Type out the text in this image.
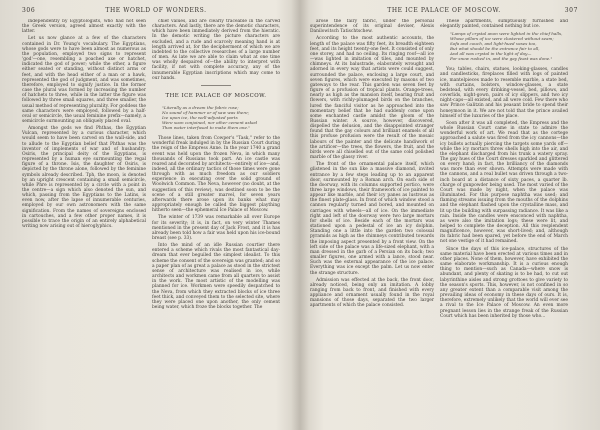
306	THE WORLD OF WONDERS.

independently by Egyptologists, who had not seen the Greek version, agreed almost exactly with the latter.

Let us now glance at a few of the characters contained in Dr. Young's vocabulary. The Egyptians, whose gods were to have been almost as numerous as the population, employed two signs to represent 'god'—one, resembling a poached axe or hatchet, indicated the god of power; while the other, a figure either seated or standing, without distinct arms or feet, and with the head either of a man or a hawk, represented the god of judgment, and was sometimes, therefore, employed to signify justice. In the former case the plural was formed by increasing the number of hatchets to three, while in the latter the figure was followed by three small squares, and three smaller, the usual method of representing plurality. For goddess the same characters were employed, followed by a half-oval or semicircle, the usual feminine prefix—namely, a semicircle surmounting an obliquely placed oval.

Amongst the gods we find Phthas, the Egyptian Vulcan, represented by a curious character, which would seem to have been carved on the wall-side, and to allude to the Egyptian belief that Phthas was the inventor of implements of war and of husbandry. Osiris, the principal deity of the Egyptians, is represented by a human eye surmounting the regal figure of a throne. Isis, the daughter of Osiris, is depicted by the throne alone, followed by the feminine symbols already described. Tph, the moon, is denoted by an upright crescent containing a small semicircle, while Phre is represented by a circle with a point in the centre—a sign which also denoted the sun, and which, passing from the Egyptians to the Latins, is even now, after the lapse of innumerable centuries, employed by our own astronomers with the same signification. From the names of sovereigns enclosed in cartouches, and a few other proper names, it is possible to trace the origin of an entirely alphabetical writing now arising out of hieroglyphics.

chief values, and are clearly traceable in the carved characters. And lastly, there are the demotic characters, which have been immediately derived from the hieratic. In the demotic writing the picture characters are excluded, and a rude and scarcely meaning hand is at length arrived at, for the decipherment of which we are indebted to the collective researches of a large number of men. As late we are able to claim what at one time was wholly despaired of—the ability to interpret with facility, if not with complete accuracy, any of the innumerable Egyptian inscriptions which may come to our hands.

THE ICE PALACE OF MOSCOW.
"Literally as a dream the fabric rose;
No sound of hammer or of saw was there;
Ice upon ice, the well-adjusted parts
Were soon conjoined, nor other cement asked
Than water interfused to make them one."

Those lines, taken from Cowper's "Task," refer to the wonderful freak indulged in by the Russian Court during the reign of the Empress Anne. In the year 1740 a grand event was held upon the frozen Neva, in which many thousands of Russians took part. An ice castle was reared and decorated by architects—entirely of ice—and, indeed, all the ordinary tactics of those times were gone through with as much freedom as our soldiers experience in executing over the solid ground of Woolwich Common. The Neva, however (no doubt, at the suggestion of this review), was destined soon to be the scene of a still greater marvel, for seven years afterwards there arose upon its banks what may appropriately enough be called the biggest plaything hitherto seen—the ephemeral Ice Palace of Moscow.

The winter of 1739 was remarkable all over Europe for its severity; it is, in fact, on very winter Thames mentioned in the present day of Jack Frost, and it is has already been told how a fair was held upon his ice-bound breast (see p. 33).

Into the mind of an idle Russian courtier there entered a scheme which rivals the most fantastical day-dream that ever beguiled the simplest idealist. To this scheme the consent of the sovereign was granted; and so a paper plan of as great a palace as stood in the strictest sense of architecture was realised in ice, while architects and workmen came from all quarters to assist in the work. The most artistic of the modelling was planned for ice. Workmen were speedily despatched to the Neva, from which they extracted blocks of ice three feet thick, and conveyed them to the selected site, where they were placed one upon another, the only cement being water, which froze the blocks together. The

THE ICE PALACE OF MOSCOW.	307

arose the fairy fabric, under the personal superintendence of its original deviser, Alexis Danilowitsch Tatischtschew.

According to the most authentic accounts, the length of the palace was fifty feet, its breadth eighteen feet, and its height twenty-one feet. It consisted of only one storey, and had no ceiling. Its ringing roof—all ice—was lighted in imitation of tiles, and mounted by chimneys. At its balustrade, elaborately wrought and adorned in every way that artists were could suggest, surrounded the palace, enclosing a large court, and seven figures, which were executed by masons of two gateways to the rear. This garden was seven feet by figure of a profusion of tropical plants. Orange-trees, nearly as high as the mansion itself, bearing fruit and flowers, with richly-plumaged birds on the branches, lured the fanciful visitor as he approached into the momentary belief that he had suddenly come upon some enchanted castle amidst the gloom of the Russian winter. A source, however, discovered, dispelled the delusion, and the disappointed stranger found that the gay colours and brilliant enamels of all this profuse profusion were the result of the mosaic labours of the painter and the delicate handiwork of the artificer—the trees, the flowers, the fruit, and the birds were all chiselled out of the same cold polished marble of the glassy river.

The front of the ornamental palace itself, which glistened in the sun like a massive diamond, invited entrance by a few steps leading up to an apparent door, surmounted by a Roman arch. On each side of the doorway, with its columns supported portico, were three large windows, their framework of ice painted to appear like marble, and their icy panes as lustrous as the finest plate-glass. In front of which window stood a cannon regularly turned and bored, and mounted on carriages with wheels—all of ice. On the immediate right and left of the doorway were two large mortars for shells of ice. Beside each of the mortars was stationed upon a pedestal of ice an icy dolphin. Standing one a little into the garden two colossal pyramids as high as the chimneys contributed towards the imposing aspect presented by a front view. On the left side of the palace was a life-sized elephant, with a man dressed in the garb of a Persian on its back; two smaller figures, one armed with a lance, stood near. Such was the external appearance of the ice palace. Everything was ice except the palm. Let us now enter the strange structure.

Admission was effected at the back, the front door, already noticed, being only an imitation. A lobby ranging from back to front, and finished with every appliance and ornament usually found in the royal mansions of those days, separated the two larger apartments of which the palace consisted.

These apartments, sumptuously furnished and elegantly painted, contained nothing but ice.

"Lamps of crystal anon were lighted in the chief halls,
Whose pillars of ice were clustered without seam;
Sofa and couch, and light-hued vases too,
But what should be the entrance fair to all,
And all was crystal in the light of day—
For snow rushed in, and the gay feast was done."

You; tables, chairs, statues, looking-glasses, candles and candlesticks, fireplaces filled with logs of painted ice, mantelpieces made to resemble marble, a state bed, with curtains, bolsters, window-glasses, a state bedstead, with every drinking-vessel, bed, pillows, and coverlids, night-gown, pairs of icy slippers, and two icy night-caps—all existed, and all were cold. Few there who saw Prince Galitzin and his peasant bride to spend their honeymoon in it. We are not told that the prince availed himself of the luxuries of the place.

Soon after it was all completed, the Empress and the whole Russian Court came in state to admire the wonderful work of art. We read that as the cortege approached a salute was fired from the icy cannons—the icy bullets actually piercing the targets some yards off—while the icy mortars threw shells high into the air, and the elephant discharged from his trunk a watery spray. The gay hues of the Court dresses sparkled and glittered on every hand; in fact, the brilliancy of the diamonds was more than ever shown. Attempts were made with the cannons, and a real bullet was driven through a two-inch board at a distance of sixty paces, a quarter lb. charge of gunpowder being used. The most varied of the Court was made by night, when the palace was illuminated. For this purpose naphtha was used; and flaming streams issuing from the mouths of the dolphins and the elephant flashed upon the crystalline mass, and lit up the building with surpassing radiance. It was like a rain. Inside the candles were ensconced with naphtha, as were also the imitation logs; these were lit, and helped to complete the deception. All this resplendent magnificence, however, was short-lived; and, although its fabric had been spared, yet before the end of March not one vestige of it had remained.

Since the days of this ice-palace, structures of the same material have been erected at various times and in other places. None of them, however, have exhibited the same elaborate workmanship. It is a curious enough thing to mention—such as Canada—where snow is abundant, and plenty of skating is to be had, to cut out labyrinthine aisles and strong grottoes to give variety to the season's sports. This, however, is not confined in so any greater extent than a comparable visit among the prevailing ideas of economy in these days of ours. It is, therefore, extremely unlikely that the world will ever see a rival to the Ice Palace of Moscow. An even more pregnant lesson lies in the strange freak of the Russian Court which has been inherited by those who...
